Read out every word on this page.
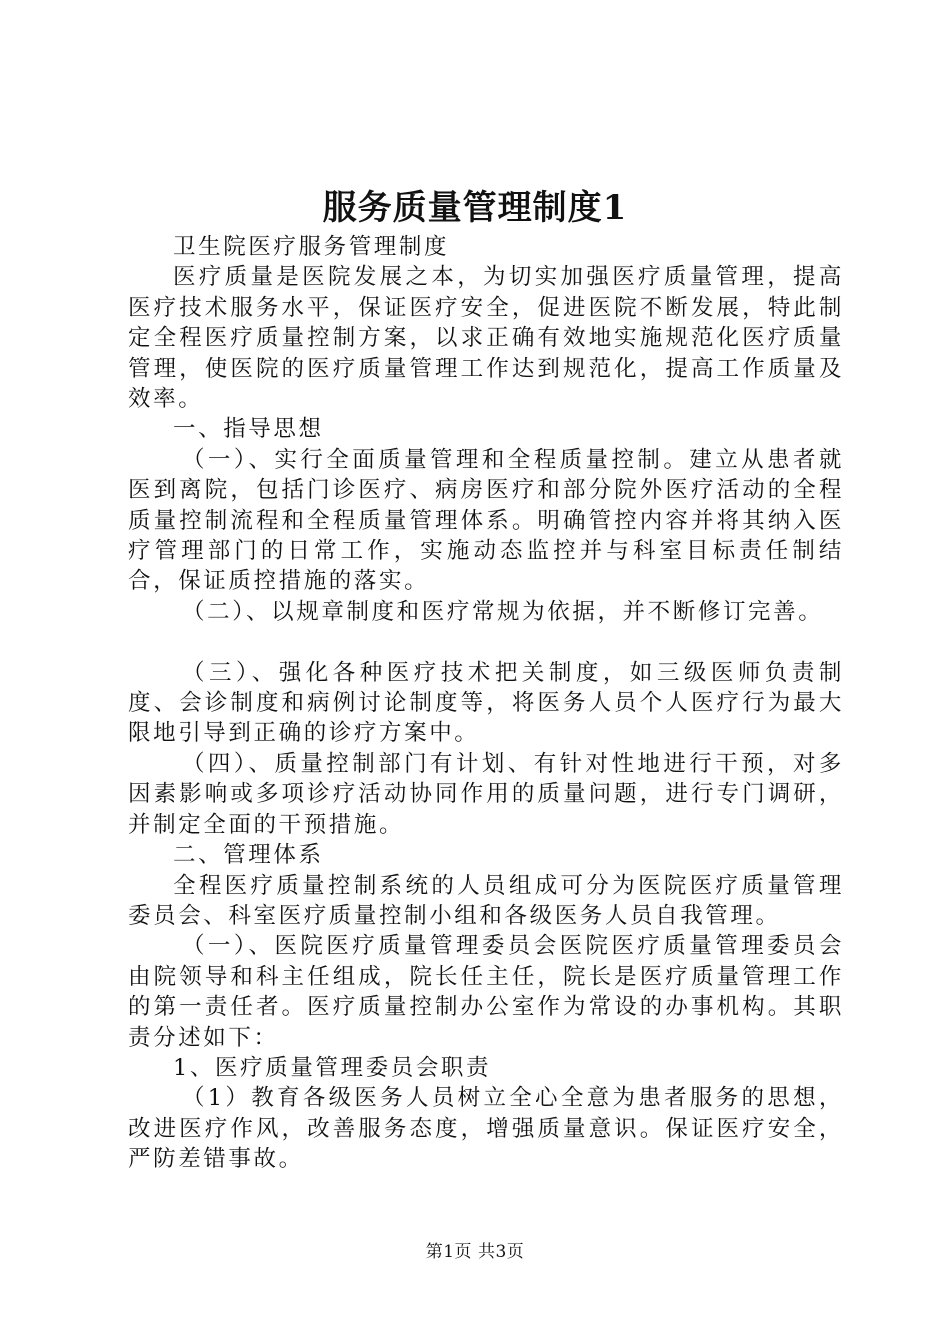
服务质量管理制度1

卫生院医疗服务管理制度

医疗质量是医院发展之本，为切实加强医疗质量管理，提高医疗技术服务水平，保证医疗安全，促进医院不断发展，特此制定全程医疗质量控制方案，以求正确有效地实施规范化医疗质量管理，使医院的医疗质量管理工作达到规范化，提高工作质量及效率。

一、指导思想

（一）、实行全面质量管理和全程质量控制。建立从患者就医到离院，包括门诊医疗、病房医疗和部分院外医疗活动的全程质量控制流程和全程质量管理体系。明确管控内容并将其纳入医疗管理部门的日常工作，实施动态监控并与科室目标责任制结合，保证质控措施的落实。

（二）、以规章制度和医疗常规为依据，并不断修订完善。

（三）、强化各种医疗技术把关制度，如三级医师负责制度、会诊制度和病例讨论制度等，将医务人员个人医疗行为最大限地引导到正确的诊疗方案中。

（四）、质量控制部门有计划、有针对性地进行干预，对多因素影响或多项诊疗活动协同作用的质量问题，进行专门调研，并制定全面的干预措施。

二、管理体系

全程医疗质量控制系统的人员组成可分为医院医疗质量管理委员会、科室医疗质量控制小组和各级医务人员自我管理。

（一）、医院医疗质量管理委员会医院医疗质量管理委员会由院领导和科主任组成，院长任主任，院长是医疗质量管理工作的第一责任者。医疗质量控制办公室作为常设的办事机构。其职责分述如下：

1、医疗质量管理委员会职责

（1）教育各级医务人员树立全心全意为患者服务的思想，改进医疗作风，改善服务态度，增强质量意识。保证医疗安全，严防差错事故。

第1页 共3页
